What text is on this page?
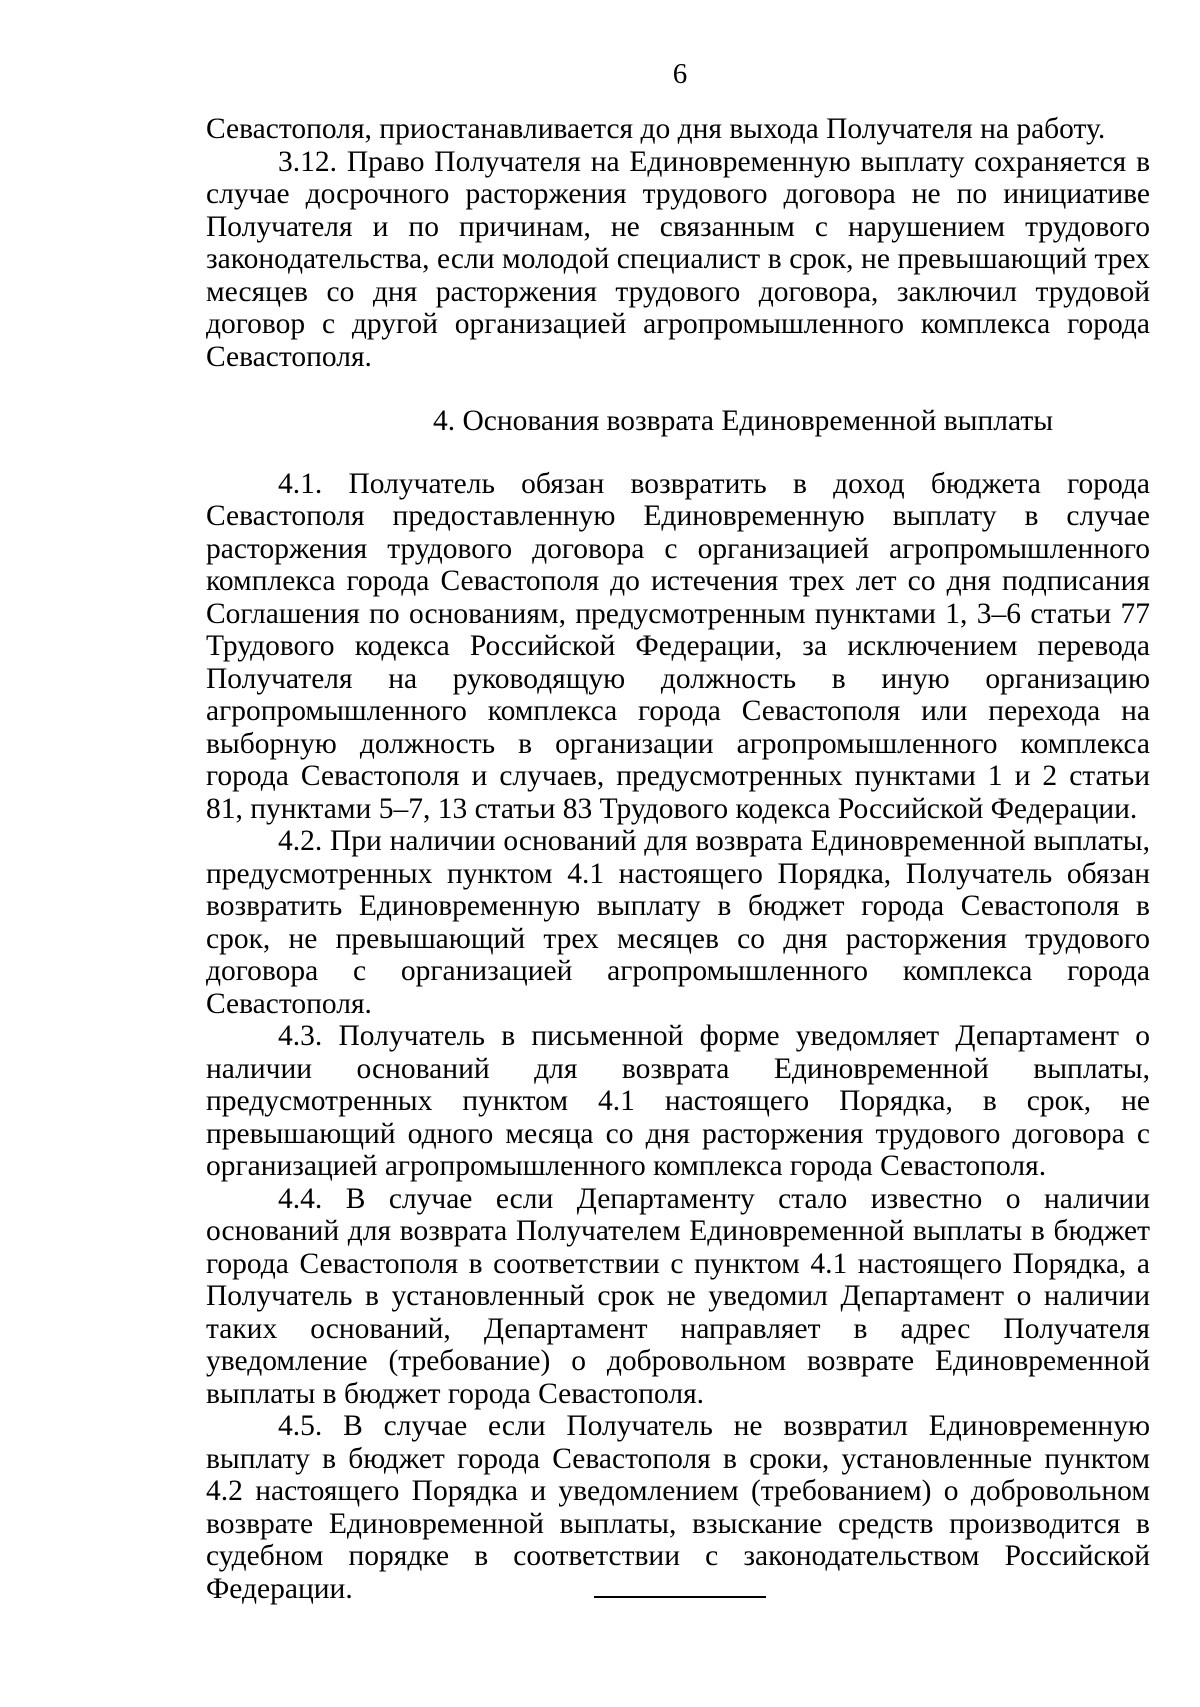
6

Севастополя, приостанавливается до дня выхода Получателя на работу.

3.12. Право Получателя на Единовременную выплату сохраняется в случае досрочного расторжения трудового договора не по инициативе Получателя и по причинам, не связанным с нарушением трудового законодательства, если молодой специалист в срок, не превышающий трех месяцев со дня расторжения трудового договора, заключил трудовой договор с другой организацией агропромышленного комплекса города Севастополя.

4. Основания возврата Единовременной выплаты

4.1. Получатель обязан возвратить в доход бюджета города Севастополя предоставленную Единовременную выплату в случае расторжения трудового договора с организацией агропромышленного комплекса города Севастополя до истечения трех лет со дня подписания Соглашения по основаниям, предусмотренным пунктами 1, 3–6 статьи 77 Трудового кодекса Российской Федерации, за исключением перевода Получателя на руководящую должность в иную организацию агропромышленного комплекса города Севастополя или перехода на выборную должность в организации агропромышленного комплекса города Севастополя и случаев, предусмотренных пунктами 1 и 2 статьи 81, пунктами 5–7, 13 статьи 83 Трудового кодекса Российской Федерации.

4.2. При наличии оснований для возврата Единовременной выплаты, предусмотренных пунктом 4.1 настоящего Порядка, Получатель обязан возвратить Единовременную выплату в бюджет города Севастополя в срок, не превышающий трех месяцев со дня расторжения трудового договора с организацией агропромышленного комплекса города Севастополя.

4.3. Получатель в письменной форме уведомляет Департамент о наличии оснований для возврата Единовременной выплаты, предусмотренных пунктом 4.1 настоящего Порядка, в срок, не превышающий одного месяца со дня расторжения трудового договора с организацией агропромышленного комплекса города Севастополя.

4.4. В случае если Департаменту стало известно о наличии оснований для возврата Получателем Единовременной выплаты в бюджет города Севастополя в соответствии с пунктом 4.1 настоящего Порядка, а Получатель в установленный срок не уведомил Департамент о наличии таких оснований, Департамент направляет в адрес Получателя уведомление (требование) о добровольном возврате Единовременной выплаты в бюджет города Севастополя.

4.5. В случае если Получатель не возвратил Единовременную выплату в бюджет города Севастополя в сроки, установленные пунктом 4.2 настоящего Порядка и уведомлением (требованием) о добровольном возврате Единовременной выплаты, взыскание средств производится в судебном порядке в соответствии с законодательством Российской Федерации.
